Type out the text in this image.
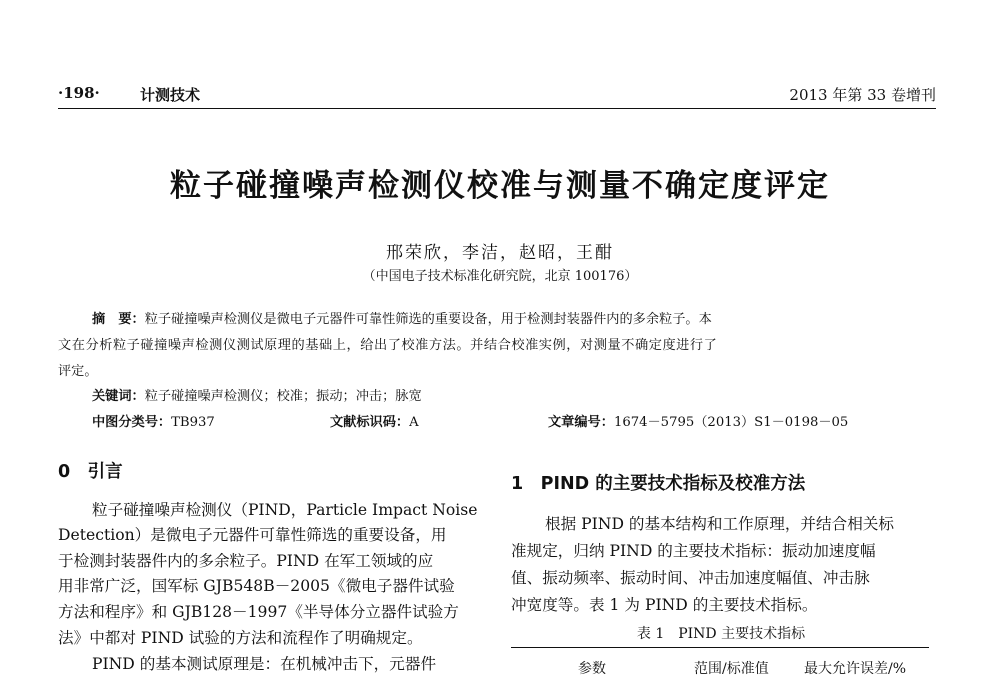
·198·	计测技术	2013 年第 33 卷增刊
粒子碰撞噪声检测仪校准与测量不确定度评定
邢荣欣，李洁，赵昭，王酣
（中国电子技术标准化研究院，北京 100176）
摘　要：粒子碰撞噪声检测仪是微电子元器件可靠性筛选的重要设备，用于检测封装器件内的多余粒子。本
文在分析粒子碰撞噪声检测仪测试原理的基础上，给出了校准方法。并结合校准实例，对测量不确定度进行了
评定。
关键词：粒子碰撞噪声检测仪；校准；振动；冲击；脉宽
中图分类号：TB937	文献标识码：A	文章编号：1674－5795（2013）S1－0198－05
0　引言
粒子碰撞噪声检测仪（PIND，Particle Impact Noise
Detection）是微电子元器件可靠性筛选的重要设备，用
于检测封装器件内的多余粒子。PIND 在军工领域的应
用非常广泛，国军标 GJB548B－2005《微电子器件试验
方法和程序》和 GJB128－1997《半导体分立器件试验方
法》中都对 PIND 试验的方法和流程作了明确规定。
PIND 的基本测试原理是：在机械冲击下，元器件
1　PIND 的主要技术指标及校准方法
根据 PIND 的基本结构和工作原理，并结合相关标
准规定，归纳 PIND 的主要技术指标：振动加速度幅
值、振动频率、振动时间、冲击加速度幅值、冲击脉
冲宽度等。表 1 为 PIND 的主要技术指标。
表 1　PIND 主要技术指标
参数	范围/标准值	最大允许误差/%
